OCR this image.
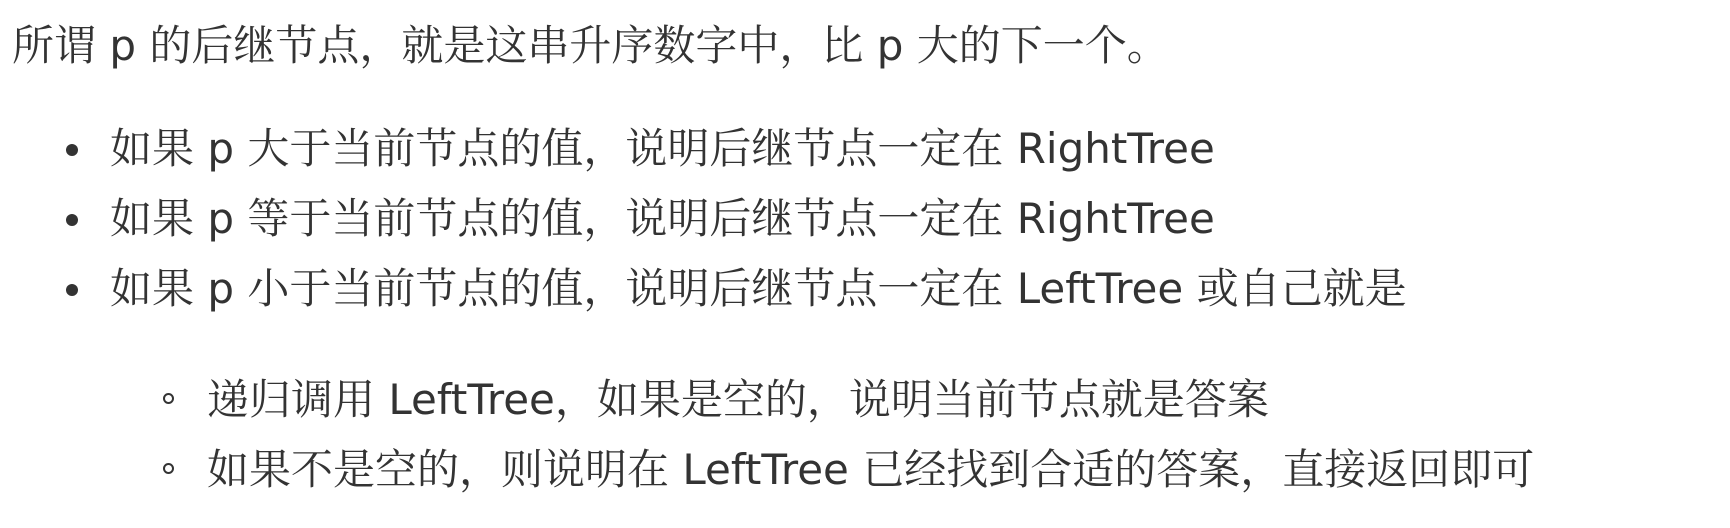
所谓 p 的后继节点，就是这串升序数字中，比 p 大的下一个。

如果 p 大于当前节点的值，说明后继节点一定在 RightTree
如果 p 等于当前节点的值，说明后继节点一定在 RightTree
如果 p 小于当前节点的值，说明后继节点一定在 LeftTree 或自己就是
递归调用 LeftTree，如果是空的，说明当前节点就是答案
如果不是空的，则说明在 LeftTree 已经找到合适的答案，直接返回即可
